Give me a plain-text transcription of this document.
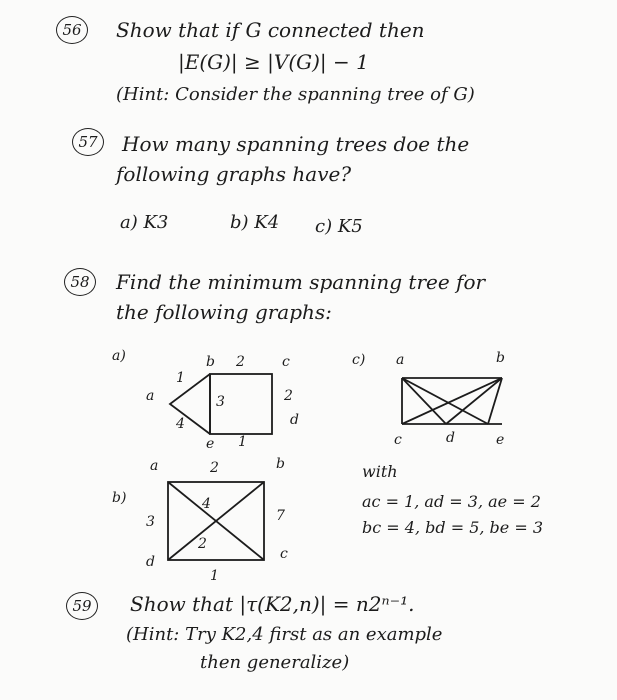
56 Show that if G connected then
|E(G)| ≥ |V(G)| − 1
(Hint: Consider the spanning tree of G)
57 How many spanning trees doe the
following graphs have?
a) K3	b) K4 c) K5
58 Find the minimum spanning tree for
the following graphs:
a)
a
b	c
d
e
1
2
3
4
2
1
c) a	b
c	d	e
with
ac = 1, ad = 3, ae = 2
bc = 4, bd = 5, be = 3
b)
a	b
c
d
2
4
3	7
2
1
59 Show that |τ(K2,n)| = n2ⁿ⁻¹.
(Hint: Try K2,4 first as an example
then generalize)
